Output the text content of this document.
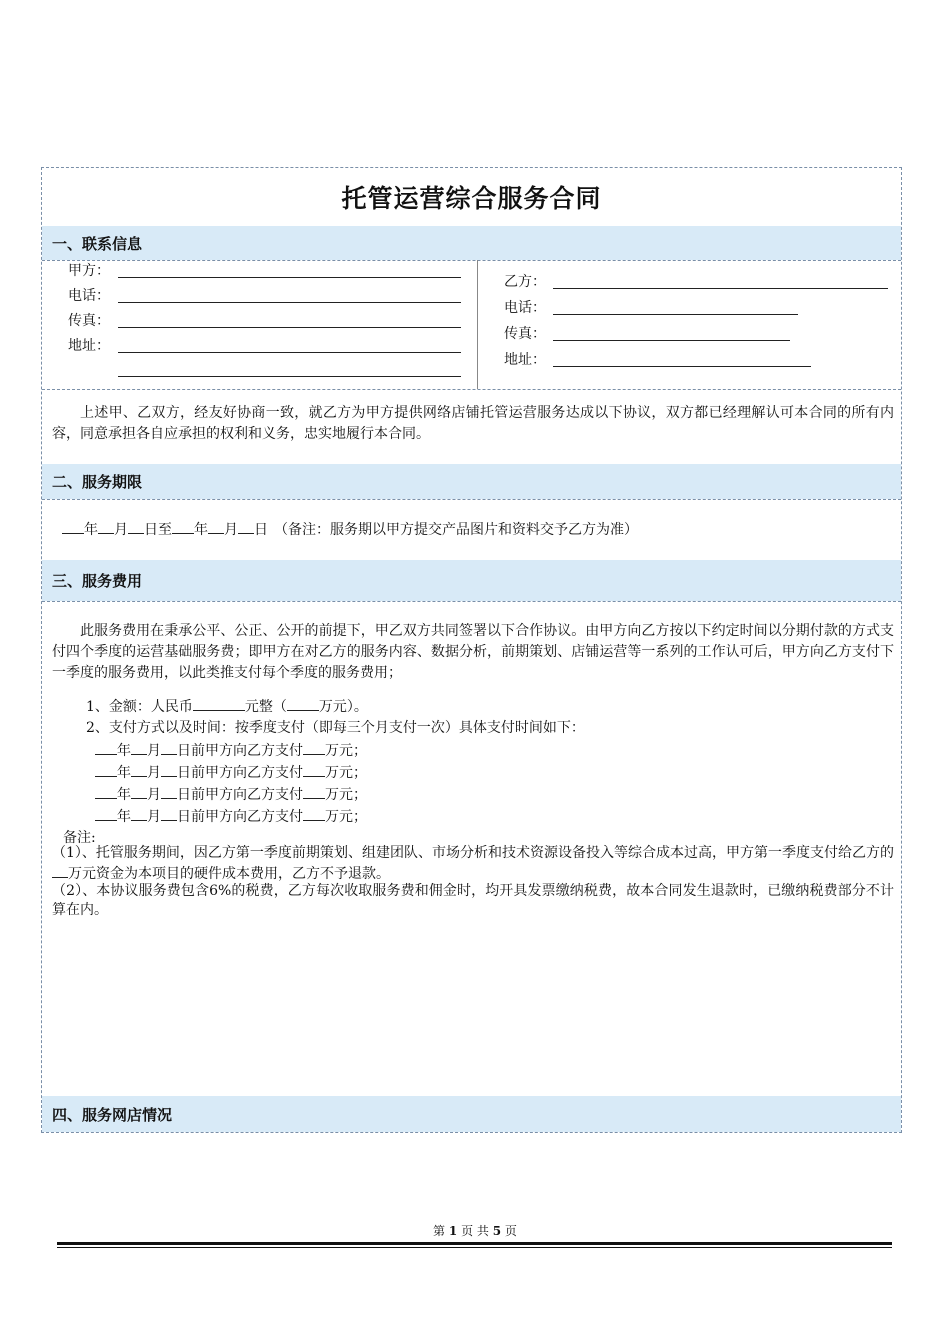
托管运营综合服务合同
一、联系信息
甲方：
电话：
传真：
地址：
乙方：
电话：
传真：
地址：
上述甲、乙双方，经友好协商一致，就乙方为甲方提供网络店铺托管运营服务达成以下协议，双方都已经理解认可本合同的所有内容，同意承担各自应承担的权利和义务，忠实地履行本合同。
二、服务期限
年 月 日至 年 月 日 （备注：服务期以甲方提交产品图片和资料交予乙方为准）
三、服务费用
此服务费用在秉承公平、公正、公开的前提下，甲乙双方共同签署以下合作协议。由甲方向乙方按以下约定时间以分期付款的方式支付四个季度的运营基础服务费；即甲方在对乙方的服务内容、数据分析，前期策划、店铺运营等一系列的工作认可后，甲方向乙方支付下一季度的服务费用，以此类推支付每个季度的服务费用；
1、金额：人民币	元整（ 万元）。
2、支付方式以及时间：按季度支付（即每三个月支付一次）具体支付时间如下：
年 月 日前甲方向乙方支付 万元；
年 月 日前甲方向乙方支付 万元；
年 月 日前甲方向乙方支付 万元；
年 月 日前甲方向乙方支付 万元；
备注:
（1）、托管服务期间，因乙方第一季度前期策划、组建团队、市场分析和技术资源设备投入等综合成本过高，甲方第一季度支付给乙方的万元资金为本项目的硬件成本费用，乙方不予退款。
（2）、本协议服务费包含6%的税费，乙方每次收取服务费和佣金时，均开具发票缴纳税费，故本合同发生退款时，已缴纳税费部分不计算在内。
四、服务网店情况
第 1 页 共 5 页
